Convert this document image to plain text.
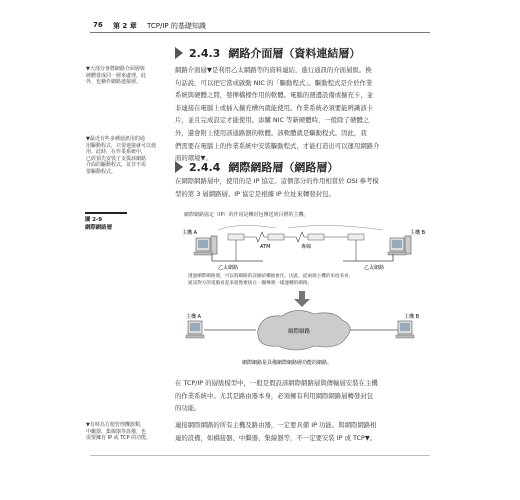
76 第 2 章 TCP/IP 的基礎知識
2.4.3 網路介面層（資料連結層）
網路介面層▼是利用乙太網路等的資料連結，進行通訊的介面層級。換
句話說，可以把它當成啟動 NIC 的「驅動程式」。驅動程式是介於作業
系統與硬體之間，發揮橋樑作用的軟體。電腦的週邊設備或擴充卡，並
非連接在電腦上或插入擴充槽內就能使用。作業系統必須要能辨識該卡
片，並且完成設定才能使用。添購 NIC 等新硬體時，一般除了硬體之
外，還會附上使用該通路器的軟體。該軟體就是驅動程式。因此，我
們需要在電腦上的作業系統中安裝驅動程式，才能打造出可以運用網路介
面的環境▼。
▼大部分會將網路介面層與
硬體當成同一層來處理，此
外，也稱作網路連接層。
▼最近有些多種通訊用的通
用驅動程式，只要連接就可以使
用。此時，在作業系統中，
已經預先安裝了支援該網路
介面的驅動程式，並非不需
要驅動程式。	2.4.4 網際網路層（網路層）
在網際網路層中，使用的是 IP 協定。這個部分的作用相當於 OSI 參考模
型的第 3 層網路層。IP 協定是根據 IP 位址來轉發封包。
圖 2-9
網際網路層
網際網路協定（IP）的作用是轉封包傳送到目標的主機。
主機 A	主機 B
ATM	專線
乙太網路	乙太網路
透過網際網路層，可以將網路的詳細結構抽象化。因此，從兩端主機的角度來看，
通訊對方的電腦看起來就像連接在一團傳遞一樣運轉的網路。
主機 A	主機 B
網際網路
網際網路是具備網際網路層功能的網路。
在 TCP/IP 的層級模型中，一般是假設該網際網路層與傳輸層安裝在主機
的作業系統中。尤其是路由器本身，必須擁有利用網際網路層轉發封包
的功能。
連接網際網路的所有主機及路由器，一定要具備 IP 功能。與網際網路相
連的設備，如橋接器、中繼器、集線器等，不一定要安裝 IP 或 TCP▼。
▼有時為方便管理機器類，
中繼器、集線器等設備，也
需要擁有 IP 或 TCP 的功能。
